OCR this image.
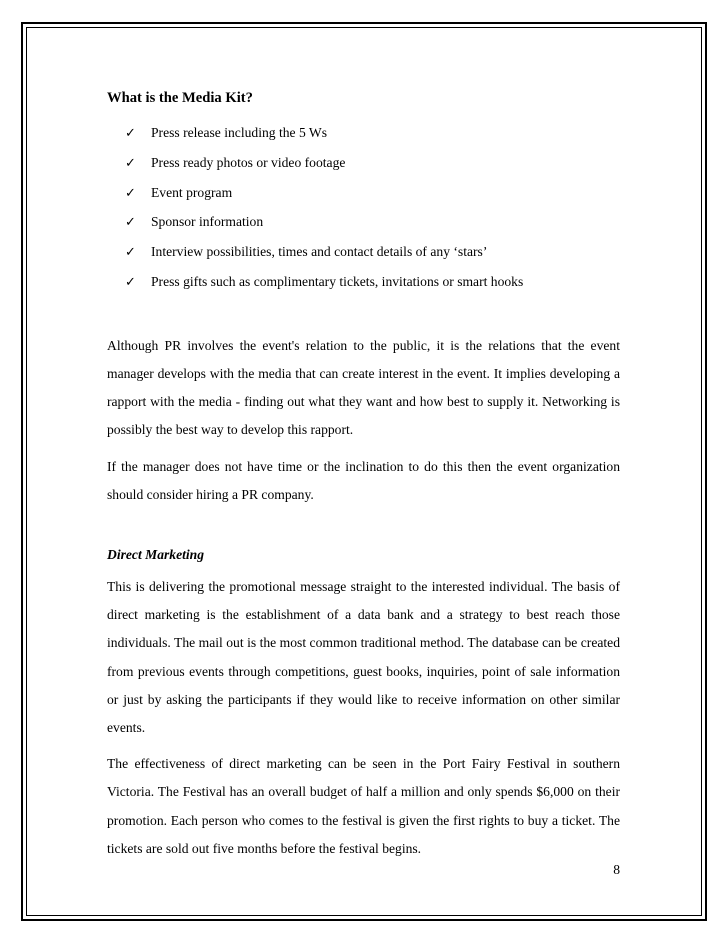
What is the Media Kit?
✓	Press release including the 5 Ws
✓	Press ready photos or video footage
✓	Event program
✓	Sponsor information
✓	Interview possibilities, times and contact details of any ‘stars’
✓	Press gifts such as complimentary tickets, invitations or smart hooks

Although PR involves the event's relation to the public, it is the relations that the event manager develops with the media that can create interest in the event. It implies developing a rapport with the media - finding out what they want and how best to supply it. Networking is possibly the best way to develop this rapport.

If the manager does not have time or the inclination to do this then the event organization should consider hiring a PR company.

Direct Marketing

This is delivering the promotional message straight to the interested individual. The basis of direct marketing is the establishment of a data bank and a strategy to best reach those individuals. The mail out is the most common traditional method. The database can be created from previous events through competitions, guest books, inquiries, point of sale information or just by asking the participants if they would like to receive information on other similar events.

The effectiveness of direct marketing can be seen in the Port Fairy Festival in southern Victoria. The Festival has an overall budget of half a million and only spends $6,000 on their promotion. Each person who comes to the festival is given the first rights to buy a ticket. The tickets are sold out five months before the festival begins.

8
